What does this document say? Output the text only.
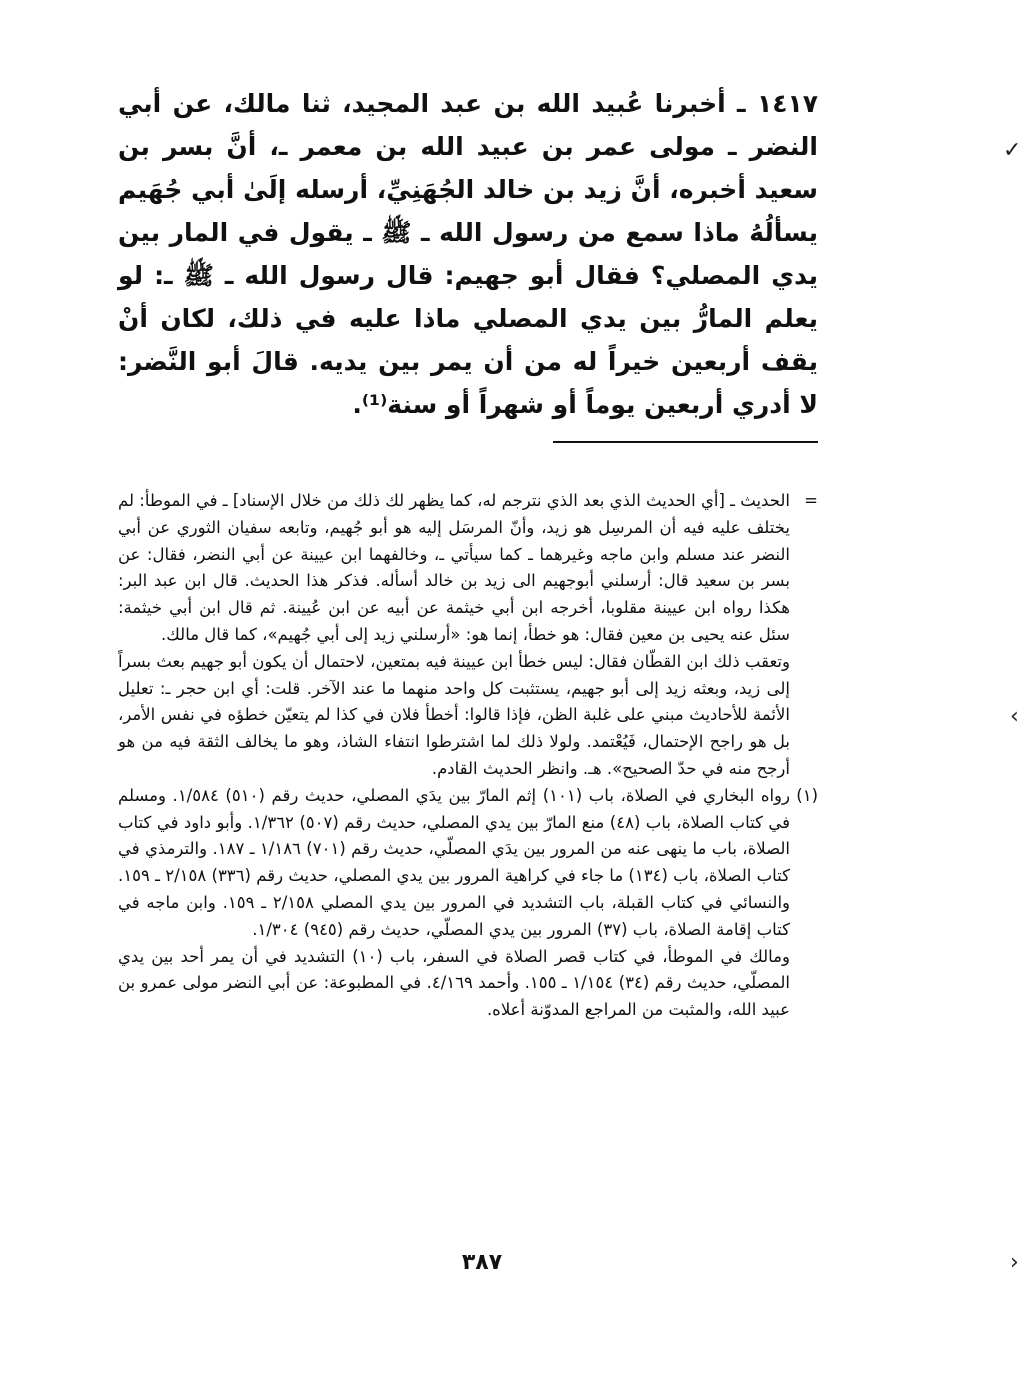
١٤١٧ ـ أخبرنا عُبيد الله بن عبد المجيد، ثنا مالك، عن أبي النضر ـ مولى عمر بن عبيد الله بن معمر ـ، أنَّ بسر بن سعيد أخبره، أنَّ زيد بن خالد الجُهَنِيِّ، أرسله إلَىٰ أبي جُهَيم يسألُهُ ماذا سمع من رسول الله ـ ﷺ ـ يقول في المار بين يدي المصلي؟ فقال أبو جهيم: قال رسول الله ـ ﷺ ـ: لو يعلم المارُّ بين يدي المصلي ماذا عليه في ذلك، لكان أنْ يقف أربعين خيراً له من أن يمر بين يديه. قالَ أبو النَّضر: لا أدري أربعين يوماً أو شهراً أو سنة⁽¹⁾.

=

الحديث ـ [أي الحديث الذي بعد الذي نترجم له، كما يظهر لك ذلك من خلال الإسناد] ـ في الموطأ: لم يختلف عليه فيه أن المرسِل هو زيد، وأنّ المرسَل إليه هو أبو جُهيم، وتابعه سفيان الثوري عن أبي النضر عند مسلم وابن ماجه وغيرهما ـ كما سيأتي ـ، وخالفهما ابن عيينة عن أبي النضر، فقال: عن بسر بن سعيد قال: أرسلني أبوجهيم الى زيد بن خالد أسأله. فذكر هذا الحديث. قال ابن عبد البر: هكذا رواه ابن عيينة مقلوبا، أخرجه ابن أبي خيثمة عن أبيه عن ابن عُيينة. ثم قال ابن أبي خيثمة: سئل عنه يحيى بن معين فقال: هو خطأ، إنما هو: «أرسلني زيد إلى أبي جُهيم»، كما قال مالك.

وتعقب ذلك ابن القطّان فقال: ليس خطأ ابن عيينة فيه بمتعين، لاحتمال أن يكون أبو جهيم بعث بسراً إلى زيد، وبعثه زيد إلى أبو جهيم، يستثبت كل واحد منهما ما عند الآخر. قلت: أي ابن حجر ـ: تعليل الأئمة للأحاديث مبني على غلبة الظن، فإذا قالوا: أخطأ فلان في كذا لم يتعيّن خطؤه في نفس الأمر، بل هو راجح الإحتمال، فَيُعْتمد. ولولا ذلك لما اشترطوا انتفاء الشاذ، وهو ما يخالف الثقة فيه من هو أرجح منه في حدّ الصحيح». هـ. وانظر الحديث القادم.

(١)

رواه البخاري في الصلاة، باب (١٠١) إثم المارّ بين يدَي المصلي، حديث رقم (٥١٠) ١/٥٨٤. ومسلم في كتاب الصلاة، باب (٤٨) منع المارّ بين يدي المصلي، حديث رقم (٥٠٧) ١/٣٦٢. وأبو داود في كتاب الصلاة، باب ما ينهى عنه من المرور بين يدَي المصلّي، حديث رقم (٧٠١) ١/١٨٦ ـ ١٨٧. والترمذي في كتاب الصلاة، باب (١٣٤) ما جاء في كراهية المرور بين يدي المصلي، حديث رقم (٣٣٦) ٢/١٥٨ ـ ١٥٩. والنسائي في كتاب القبلة، باب التشديد في المرور بين يدي المصلي ٢/١٥٨ ـ ١٥٩. وابن ماجه في كتاب إقامة الصلاة، باب (٣٧) المرور بين يدي المصلّي، حديث رقم (٩٤٥) ١/٣٠٤.

ومالك في الموطأ، في كتاب قصر الصلاة في السفر، باب (١٠) التشديد في أن يمر أحد بين يدي المصلّي، حديث رقم (٣٤) ١/١٥٤ ـ ١٥٥. وأحمد ٤/١٦٩. في المطبوعة: عن أبي النضر مولى عمرو بن عبيد الله، والمثبت من المراجع المدوّنة أعلاه.

٣٨٧
✓
‹
›
